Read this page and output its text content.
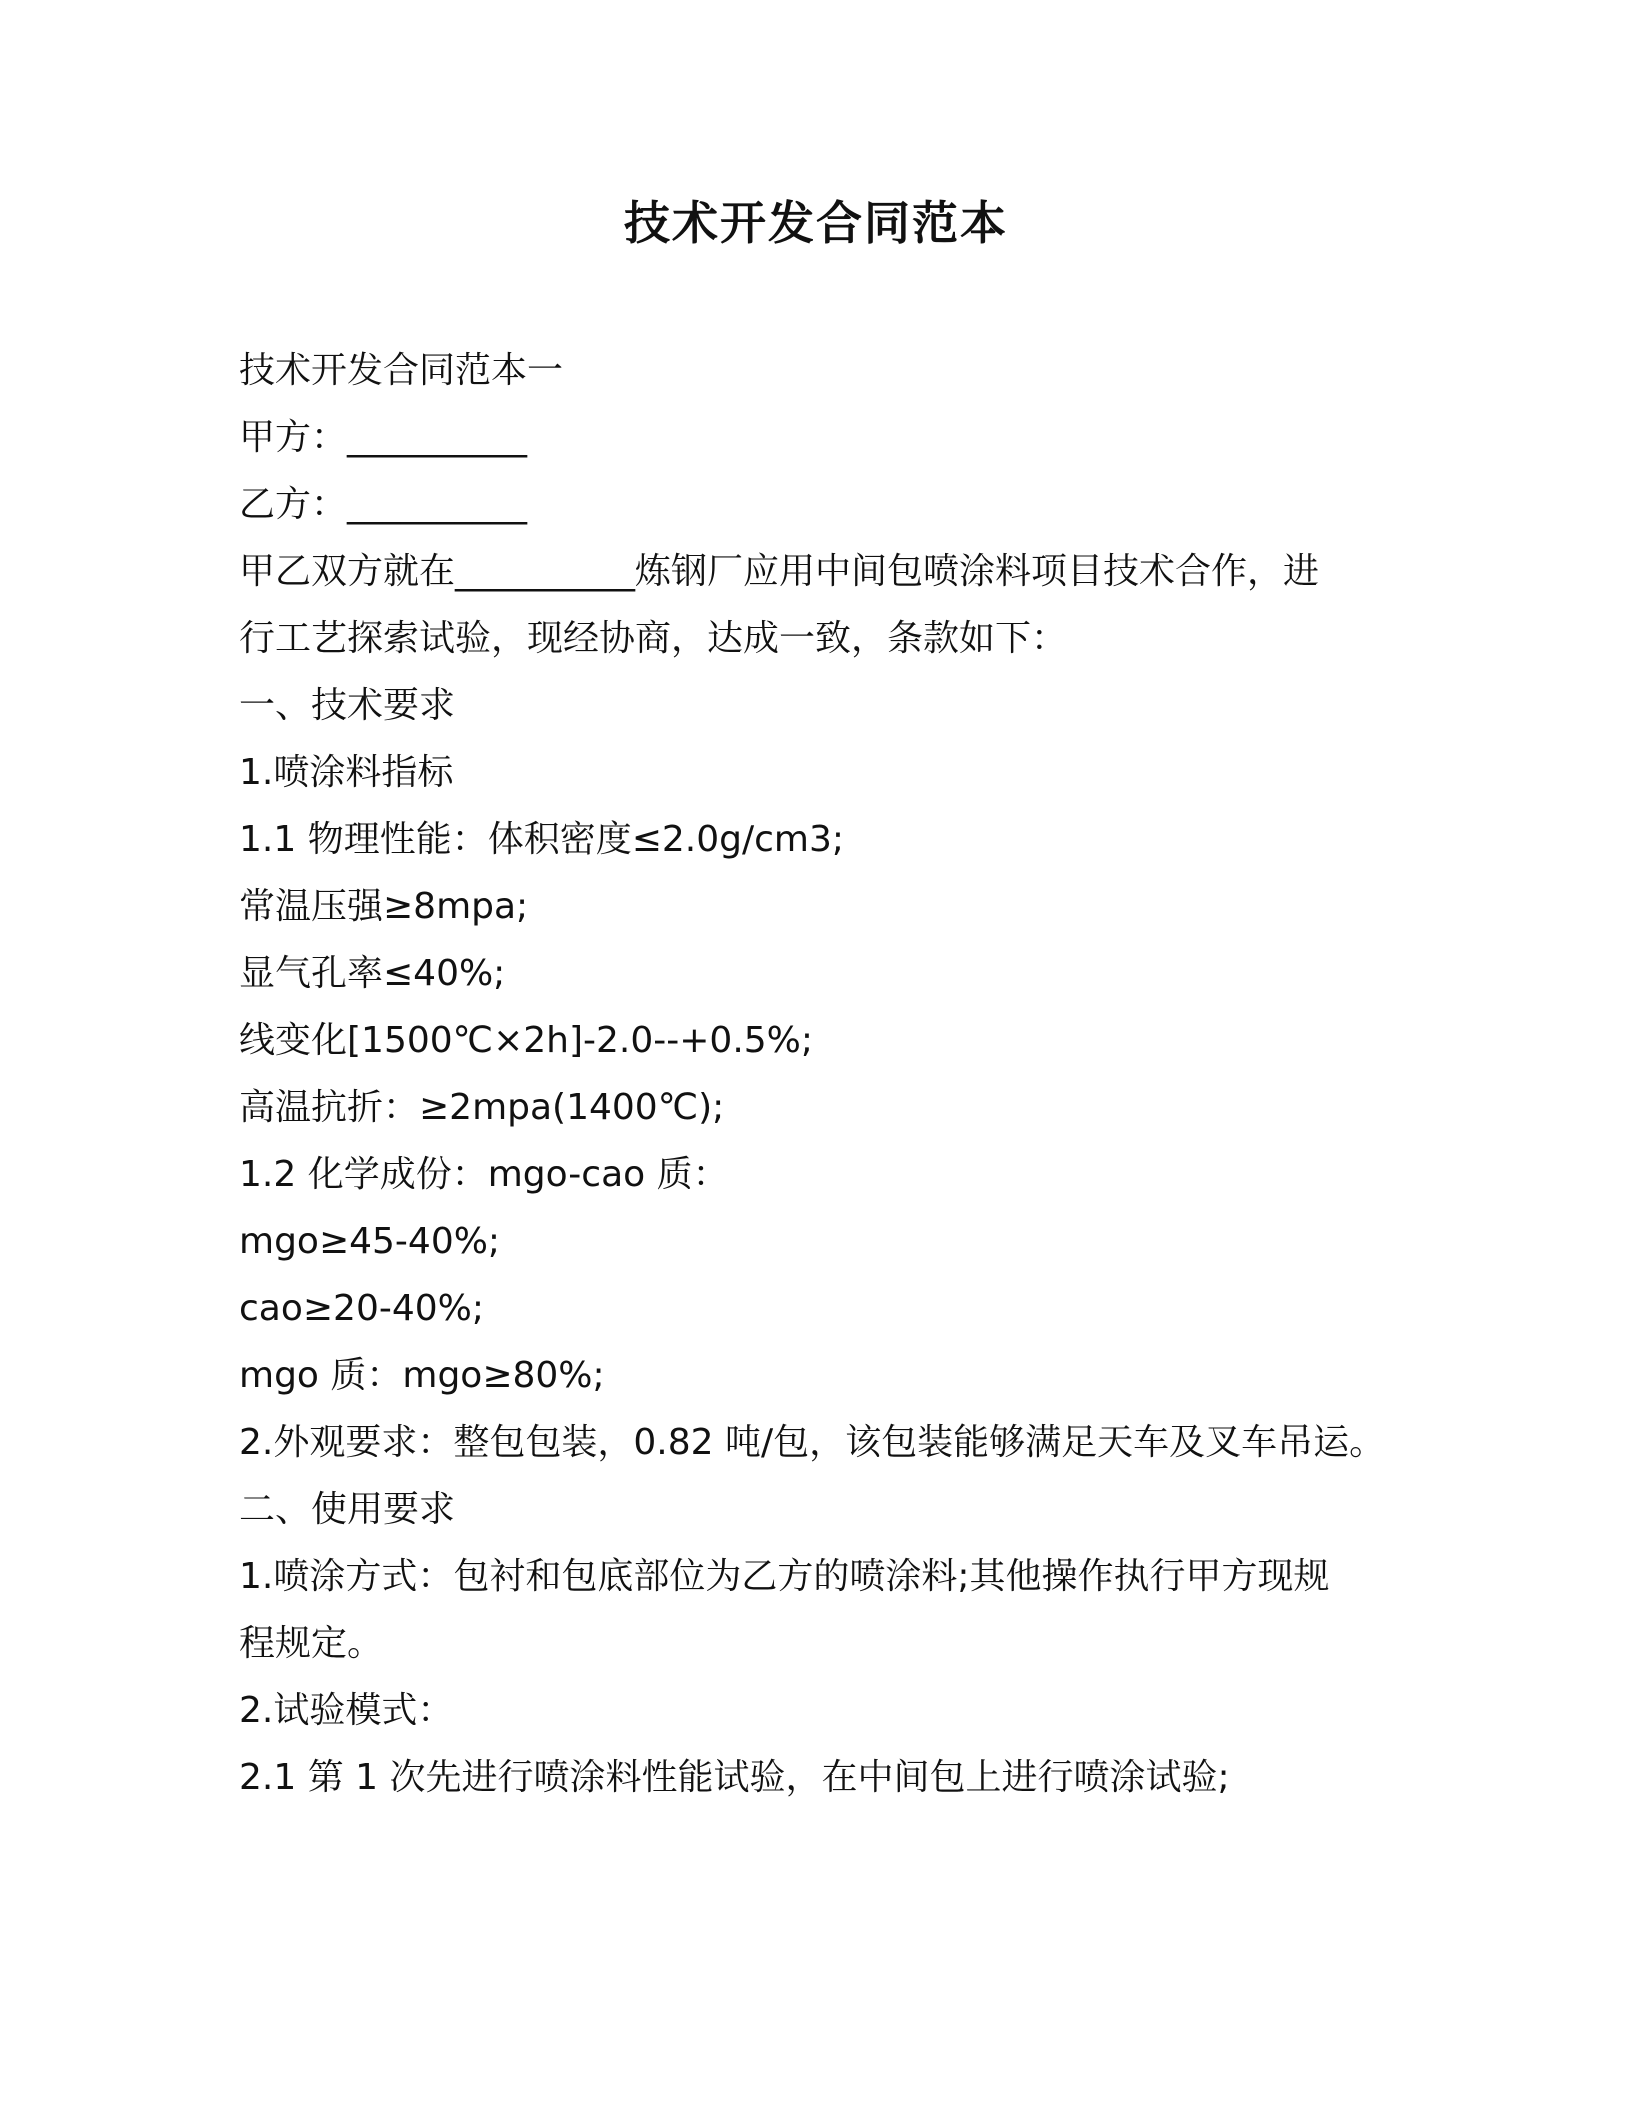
技术开发合同范本

技术开发合同范本一

甲方：__________

乙方：__________

甲乙双方就在__________炼钢厂应用中间包喷涂料项目技术合作，进

行工艺探索试验，现经协商，达成一致，条款如下：

一、技术要求

1.喷涂料指标

1.1 物理性能：体积密度≤2.0g/cm3;

常温压强≥8mpa;

显气孔率≤40%;

线变化[1500℃×2h]-2.0--+0.5%;

高温抗折：≥2mpa(1400℃);

1.2 化学成份：mgo-cao 质：

mgo≥45-40%;

cao≥20-40%;

mgo 质：mgo≥80%;

2.外观要求：整包包装，0.82 吨/包，该包装能够满足天车及叉车吊运。

二、使用要求

1.喷涂方式：包衬和包底部位为乙方的喷涂料;其他操作执行甲方现规

程规定。

2.试验模式：

2.1 第 1 次先进行喷涂料性能试验，在中间包上进行喷涂试验;
